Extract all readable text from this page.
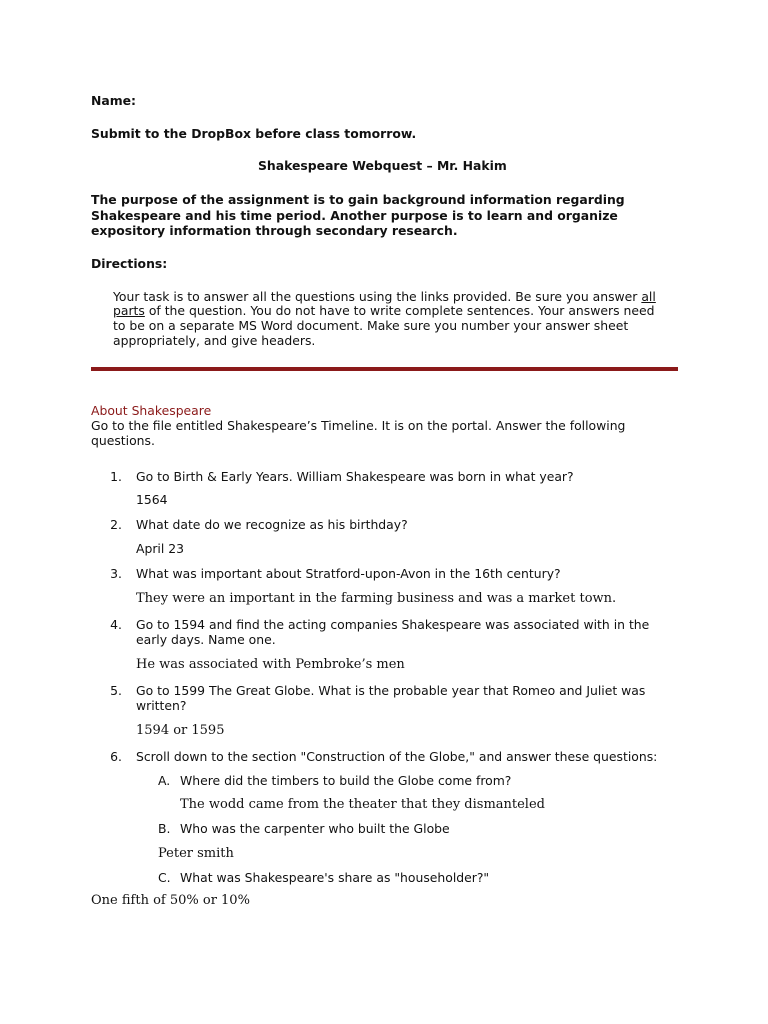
Name:
Submit to the DropBox before class tomorrow.
Shakespeare Webquest – Mr. Hakim
The purpose of the assignment is to gain background information regarding
Shakespeare and his time period. Another purpose is to learn and organize
expository information through secondary research.
Directions:
Your task is to answer all the questions using the links provided. Be sure you answer all
parts of the question. You do not have to write complete sentences. Your answers need
to be on a separate MS Word document. Make sure you number your answer sheet
appropriately, and give headers.
About Shakespeare
Go to the file entitled Shakespeare’s Timeline. It is on the portal. Answer the following
questions.
1. Go to Birth & Early Years. William Shakespeare was born in what year?
1564
2. What date do we recognize as his birthday?
April 23
3. What was important about Stratford-upon-Avon in the 16th century?
They were an important in the farming business and was a market town.
4. Go to 1594 and find the acting companies Shakespeare was associated with in the
early days. Name one.
He was associated with Pembroke’s men
5. Go to 1599 The Great Globe. What is the probable year that Romeo and Juliet was
written?
1594 or 1595
6. Scroll down to the section "Construction of the Globe," and answer these questions:
A. Where did the timbers to build the Globe come from?
The wodd came from the theater that they dismanteled
B. Who was the carpenter who built the Globe
Peter smith
C. What was Shakespeare's share as "householder?"
One fifth of 50% or 10%
